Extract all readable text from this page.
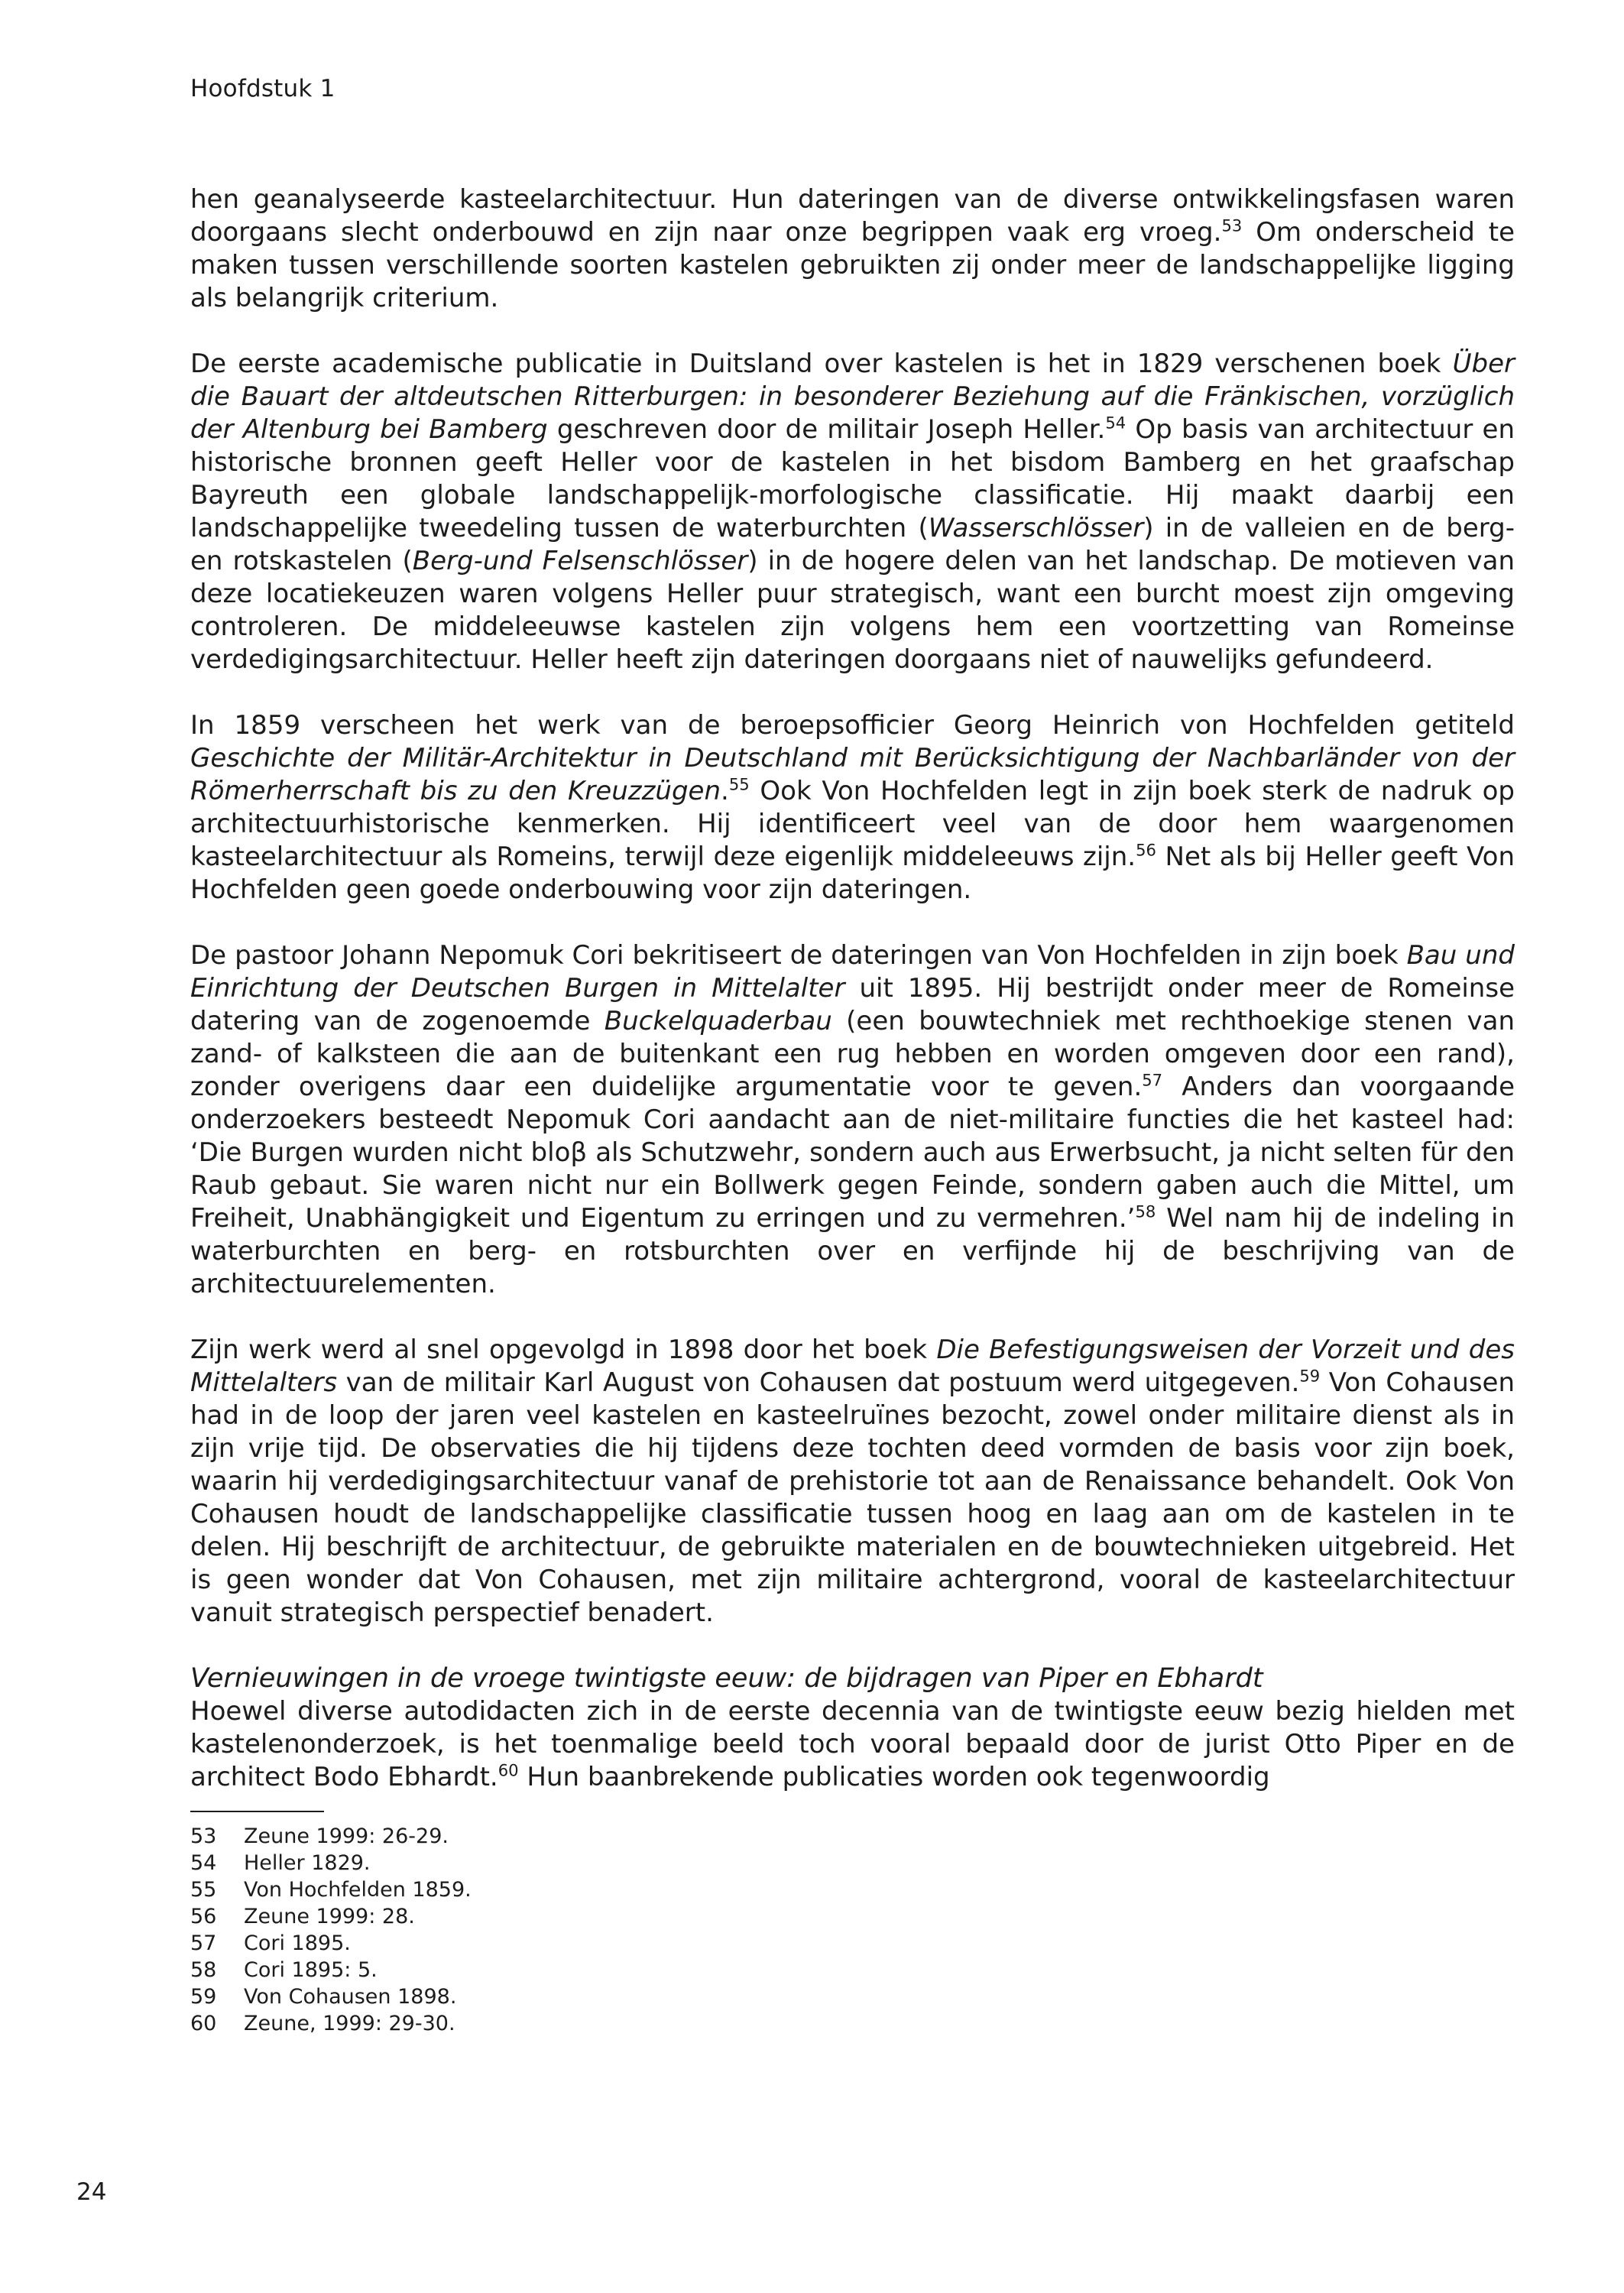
Hoofdstuk 1

hen geanalyseerde kasteelarchitectuur. Hun dateringen van de diverse ontwikkelingsfasen waren doorgaans slecht onderbouwd en zijn naar onze begrippen vaak erg vroeg.$^{53}$ Om onderscheid te maken tussen verschillende soorten kastelen gebruikten zij onder meer de landschappelijke ligging als belangrijk criterium.

De eerste academische publicatie in Duitsland over kastelen is het in 1829 verschenen boek Über die Bauart der altdeutschen Ritterburgen: in besonderer Beziehung auf die Fränkischen, vorzüglich der Altenburg bei Bamberg geschreven door de militair Joseph Heller.$^{54}$ Op basis van architectuur en historische bronnen geeft Heller voor de kastelen in het bisdom Bamberg en het graafschap Bayreuth een globale landschappelijk-morfologische classificatie. Hij maakt daarbij een landschappelijke tweedeling tussen de waterburchten (Wasserschlösser) in de valleien en de berg- en rotskastelen (Berg-und Felsenschlösser) in de hogere delen van het landschap. De motieven van deze locatiekeuzen waren volgens Heller puur strategisch, want een burcht moest zijn omgeving controleren. De middeleeuwse kastelen zijn volgens hem een voortzetting van Romeinse verdedigingsarchitectuur. Heller heeft zijn dateringen doorgaans niet of nauwelijks gefundeerd.

In 1859 verscheen het werk van de beroepsofficier Georg Heinrich von Hochfelden getiteld Geschichte der Militär-Architektur in Deutschland mit Berücksichtigung der Nachbarländer von der Römerherrschaft bis zu den Kreuzzügen.$^{55}$ Ook Von Hochfelden legt in zijn boek sterk de nadruk op architectuurhistorische kenmerken. Hij identificeert veel van de door hem waargenomen kasteelarchitectuur als Romeins, terwijl deze eigenlijk middeleeuws zijn.$^{56}$ Net als bij Heller geeft Von Hochfelden geen goede onderbouwing voor zijn dateringen.

De pastoor Johann Nepomuk Cori bekritiseert de dateringen van Von Hochfelden in zijn boek Bau und Einrichtung der Deutschen Burgen in Mittelalter uit 1895. Hij bestrijdt onder meer de Romeinse datering van de zogenoemde Buckelquaderbau (een bouwtechniek met rechthoekige stenen van zand- of kalksteen die aan de buitenkant een rug hebben en worden omgeven door een rand), zonder overigens daar een duidelijke argumentatie voor te geven.$^{57}$ Anders dan voorgaande onderzoekers besteedt Nepomuk Cori aandacht aan de niet-militaire functies die het kasteel had: ‘Die Burgen wurden nicht bloβ als Schutzwehr, sondern auch aus Erwerbsucht, ja nicht selten für den Raub gebaut. Sie waren nicht nur ein Bollwerk gegen Feinde, sondern gaben auch die Mittel, um Freiheit, Unabhängigkeit und Eigentum zu erringen und zu vermehren.’$^{58}$ Wel nam hij de indeling in waterburchten en berg- en rotsburchten over en verfijnde hij de beschrijving van de architectuurelementen.

Zijn werk werd al snel opgevolgd in 1898 door het boek Die Befestigungsweisen der Vorzeit und des Mittelalters van de militair Karl August von Cohausen dat postuum werd uitgegeven.$^{59}$ Von Cohausen had in de loop der jaren veel kastelen en kasteelruïnes bezocht, zowel onder militaire dienst als in zijn vrije tijd. De observaties die hij tijdens deze tochten deed vormden de basis voor zijn boek, waarin hij verdedigingsarchitectuur vanaf de prehistorie tot aan de Renaissance behandelt. Ook Von Cohausen houdt de landschappelijke classificatie tussen hoog en laag aan om de kastelen in te delen. Hij beschrijft de architectuur, de gebruikte materialen en de bouwtechnieken uitgebreid. Het is geen wonder dat Von Cohausen, met zijn militaire achtergrond, vooral de kasteelarchitectuur vanuit strategisch perspectief benadert.

Vernieuwingen in de vroege twintigste eeuw: de bijdragen van Piper en Ebhardt

Hoewel diverse autodidacten zich in de eerste decennia van de twintigste eeuw bezig hielden met kastelenonderzoek, is het toenmalige beeld toch vooral bepaald door de jurist Otto Piper en de architect Bodo Ebhardt.$^{60}$ Hun baanbrekende publicaties worden ook tegenwoordig

53	Zeune 1999: 26-29.
54	Heller 1829.
55	Von Hochfelden 1859.
56	Zeune 1999: 28.
57	Cori 1895.
58	Cori 1895: 5.
59	Von Cohausen 1898.
60	Zeune, 1999: 29-30.
24
